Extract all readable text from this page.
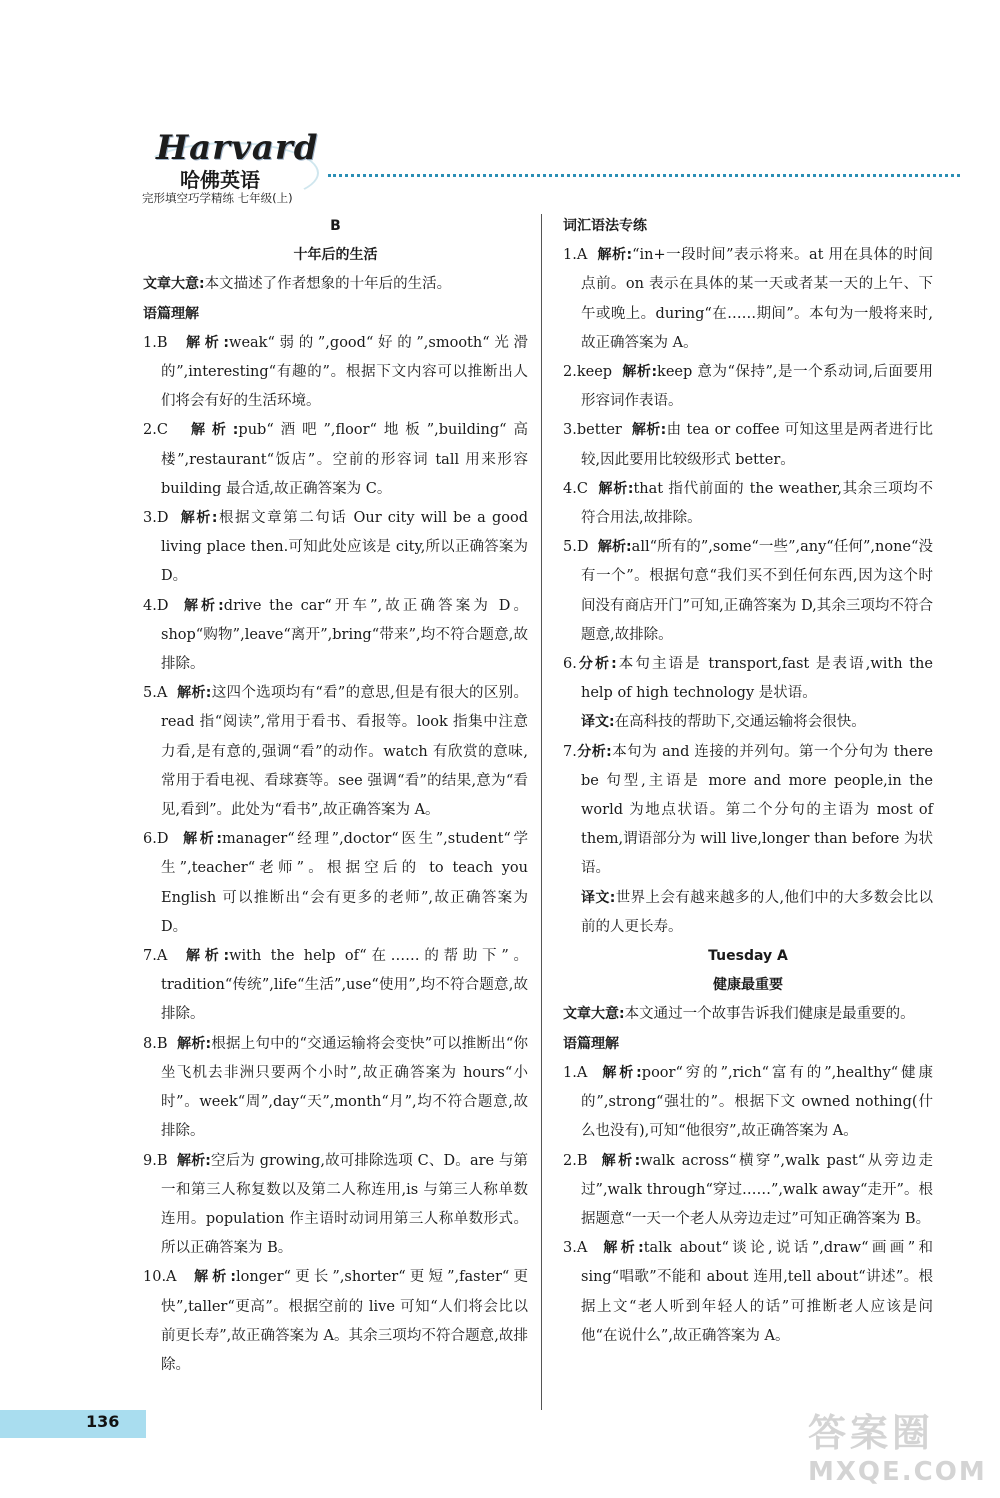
Harvard
哈佛英语
完形填空巧学精练 七年级(上)
B
十年后的生活
文章大意:本文描述了作者想象的十年后的生活。
语篇理解
1.B 解析:weak“弱的”,good“好的”,smooth“光滑的”,interesting“有趣的”。根据下文内容可以推断出人们将会有好的生活环境。
2.C 解析:pub“酒吧”,floor“地板”,building“高楼”,restaurant“饭店”。空前的形容词 tall 用来形容 building 最合适,故正确答案为 C。
3.D 解析:根据文章第二句话 Our city will be a good living place then.可知此处应该是 city,所以正确答案为 D。
4.D 解析:drive the car“开车”,故正确答案为 D。shop“购物”,leave“离开”,bring“带来”,均不符合题意,故排除。
5.A 解析:这四个选项均有“看”的意思,但是有很大的区别。read 指“阅读”,常用于看书、看报等。look 指集中注意力看,是有意的,强调“看”的动作。watch 有欣赏的意味,常用于看电视、看球赛等。see 强调“看”的结果,意为“看见,看到”。此处为“看书”,故正确答案为 A。
6.D 解析:manager“经理”,doctor“医生”,student“学生”,teacher“老师”。根据空后的 to teach you English 可以推断出“会有更多的老师”,故正确答案为 D。
7.A 解析:with the help of“在……的帮助下”。tradition“传统”,life“生活”,use“使用”,均不符合题意,故排除。
8.B 解析:根据上句中的“交通运输将会变快”可以推断出“你坐飞机去非洲只要两个小时”,故正确答案为 hours“小时”。week“周”,day“天”,month“月”,均不符合题意,故排除。
9.B 解析:空后为 growing,故可排除选项 C、D。are 与第一和第三人称复数以及第二人称连用,is 与第三人称单数连用。population 作主语时动词用第三人称单数形式。所以正确答案为 B。
10.A 解析:longer“更长”,shorter“更短”,faster“更快”,taller“更高”。根据空前的 live 可知“人们将会比以前更长寿”,故正确答案为 A。其余三项均不符合题意,故排除。
词汇语法专练
1.A 解析:“in+一段时间”表示将来。at 用在具体的时间点前。on 表示在具体的某一天或者某一天的上午、下午或晚上。during“在……期间”。本句为一般将来时,故正确答案为 A。
2.keep 解析:keep 意为“保持”,是一个系动词,后面要用形容词作表语。
3.better 解析:由 tea or coffee 可知这里是两者进行比较,因此要用比较级形式 better。
4.C 解析:that 指代前面的 the weather,其余三项均不符合用法,故排除。
5.D 解析:all“所有的”,some“一些”,any“任何”,none“没有一个”。根据句意“我们买不到任何东西,因为这个时间没有商店开门”可知,正确答案为 D,其余三项均不符合题意,故排除。
6.分析:本句主语是 transport,fast 是表语,with the help of high technology 是状语。
译文:在高科技的帮助下,交通运输将会很快。
7.分析:本句为 and 连接的并列句。第一个分句为 there be 句型,主语是 more and more people,in the world 为地点状语。第二个分句的主语为 most of them,谓语部分为 will live,longer than before 为状语。
译文:世界上会有越来越多的人,他们中的大多数会比以前的人更长寿。
Tuesday A
健康最重要
文章大意:本文通过一个故事告诉我们健康是最重要的。
语篇理解
1.A 解析:poor“穷的”,rich“富有的”,healthy“健康的”,strong“强壮的”。根据下文 owned nothing(什么也没有),可知“他很穷”,故正确答案为 A。
2.B 解析:walk across“横穿”,walk past“从旁边走过”,walk through“穿过……”,walk away“走开”。根据题意“一天一个老人从旁边走过”可知正确答案为 B。
3.A 解析:talk about“谈论,说话”,draw“画画”和 sing“唱歌”不能和 about 连用,tell about“讲述”。根据上文“老人听到年轻人的话”可推断老人应该是问他“在说什么”,故正确答案为 A。
136	答案圈
MXQE.COM
